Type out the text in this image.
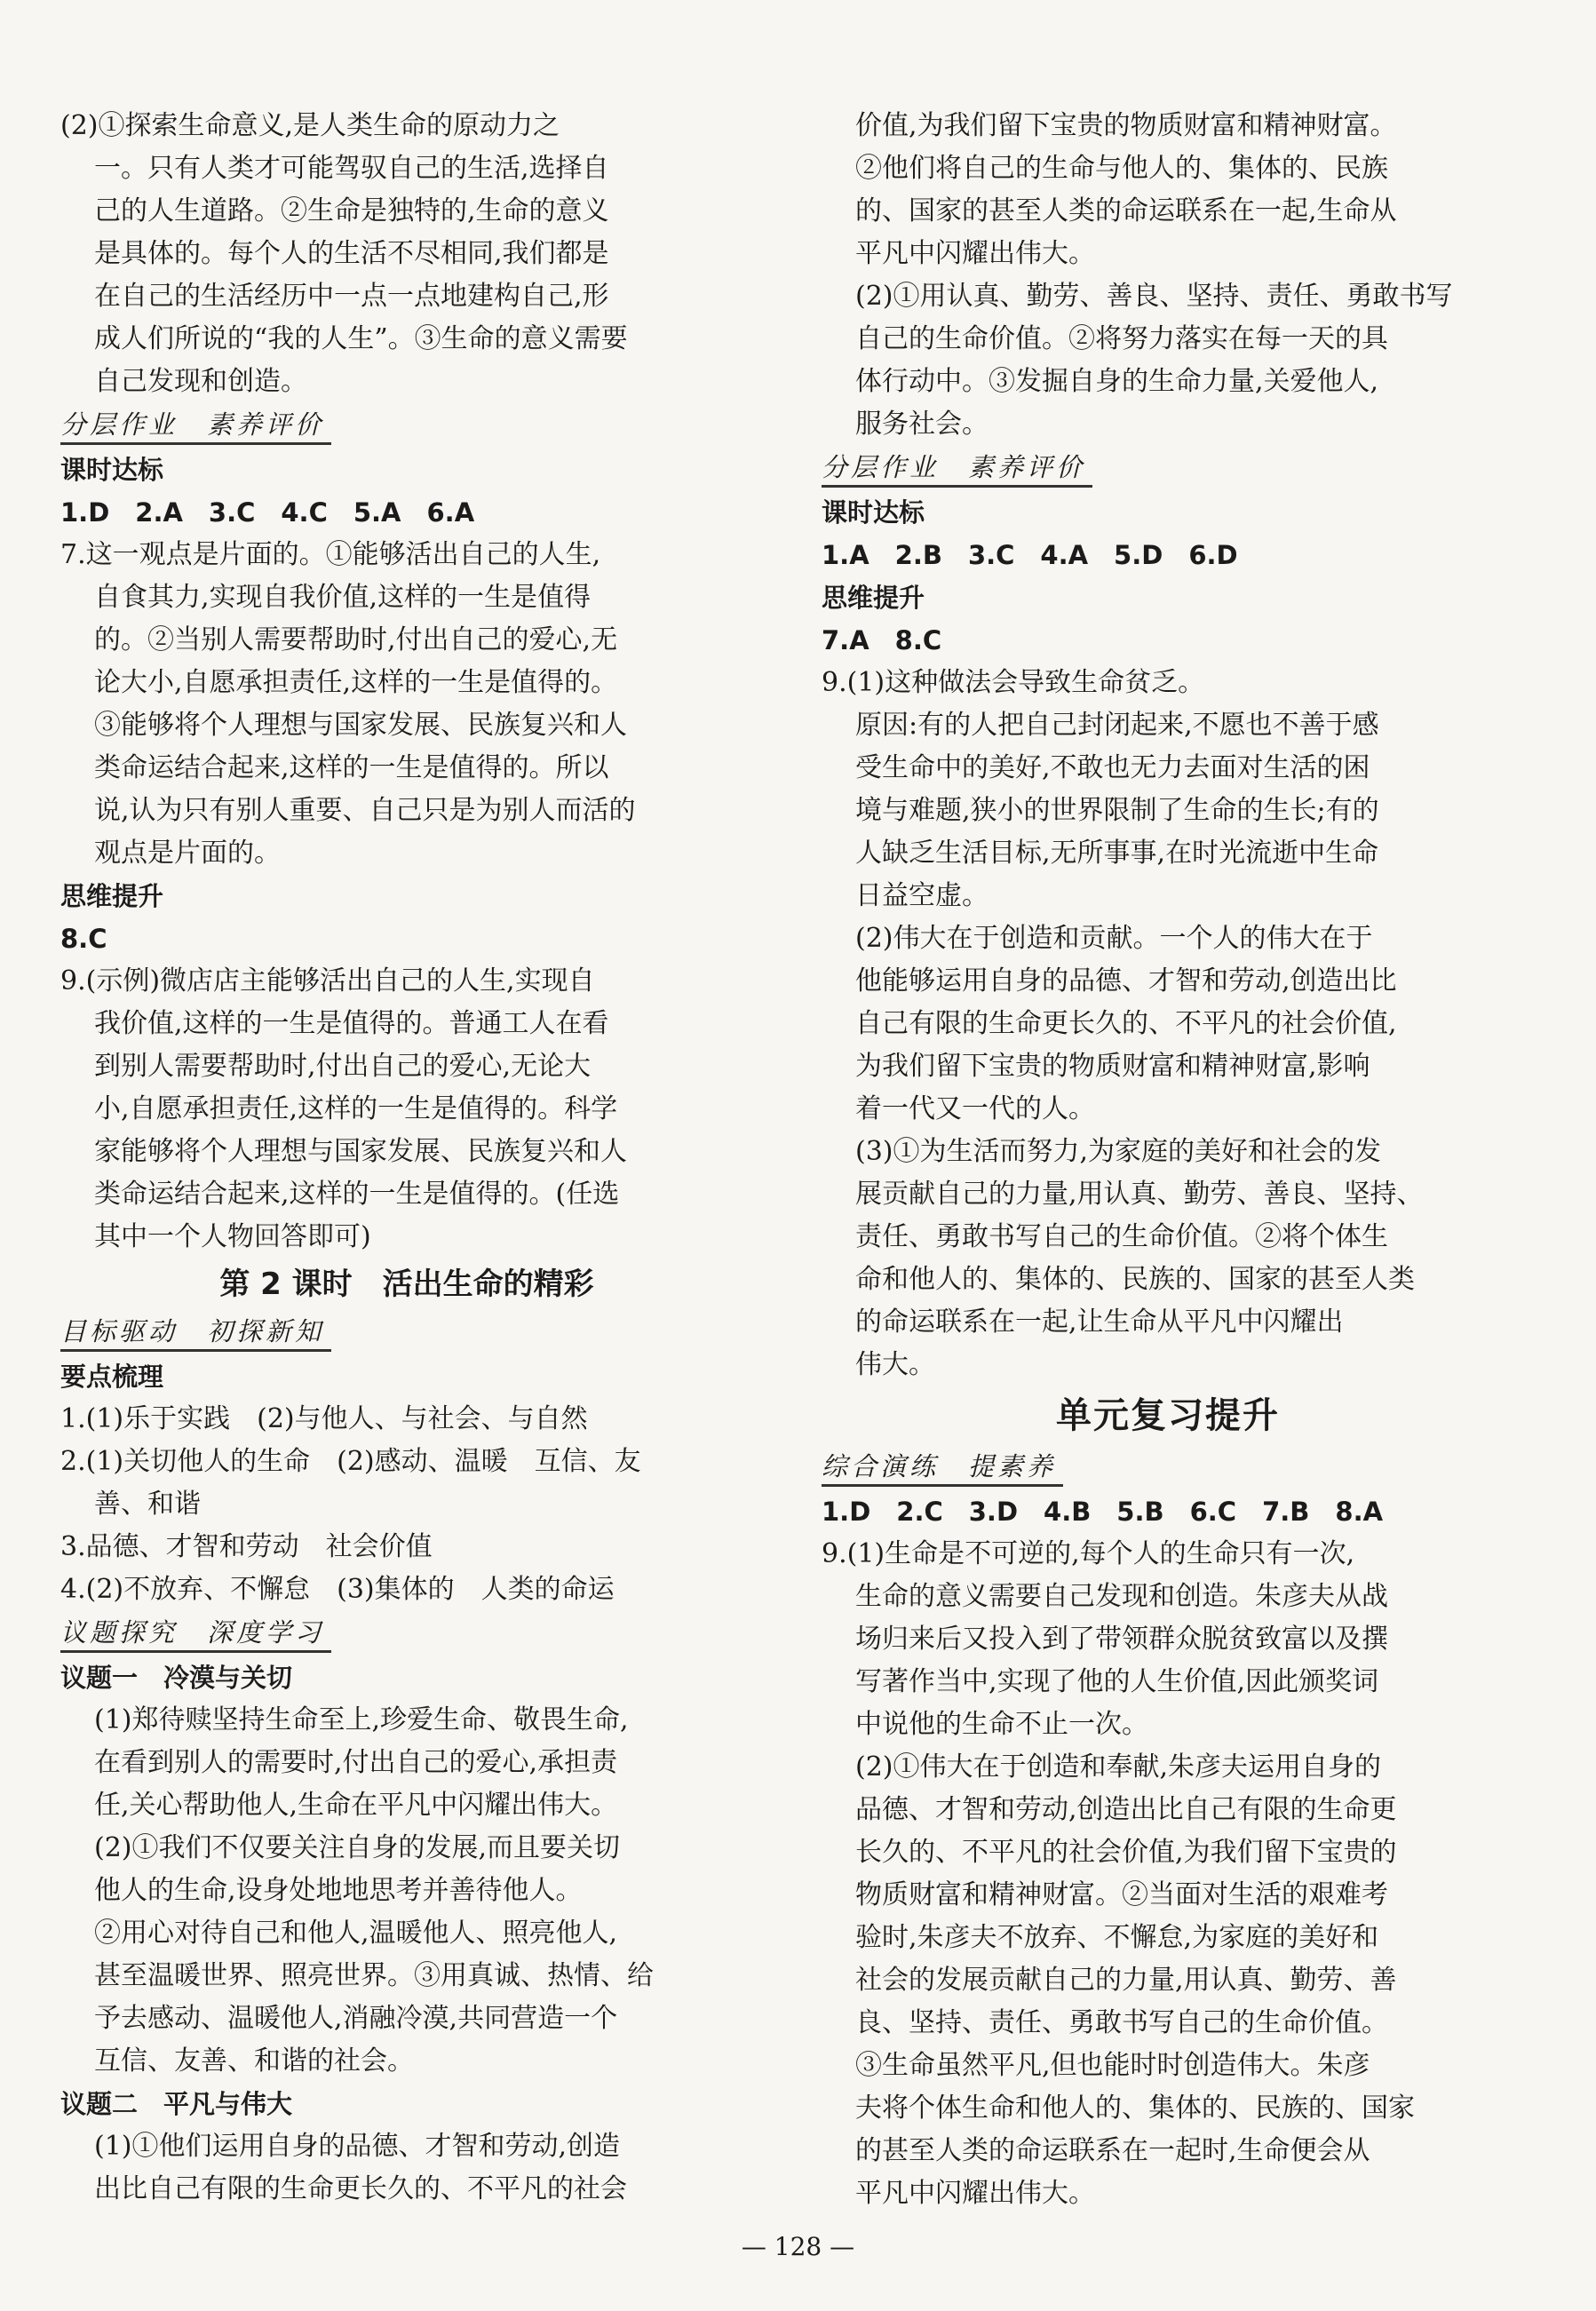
(2)①探索生命意义,是人类生命的原动力之
一。只有人类才可能驾驭自己的生活,选择自
己的人生道路。②生命是独特的,生命的意义
是具体的。每个人的生活不尽相同,我们都是
在自己的生活经历中一点一点地建构自己,形
成人们所说的“我的人生”。③生命的意义需要
自己发现和创造。
分层作业　素养评价
课时达标
1.D　2.A　3.C　4.C　5.A　6.A
7.这一观点是片面的。①能够活出自己的人生,
自食其力,实现自我价值,这样的一生是值得
的。②当别人需要帮助时,付出自己的爱心,无
论大小,自愿承担责任,这样的一生是值得的。
③能够将个人理想与国家发展、民族复兴和人
类命运结合起来,这样的一生是值得的。所以
说,认为只有别人重要、自己只是为别人而活的
观点是片面的。
思维提升
8.C
9.(示例)微店店主能够活出自己的人生,实现自
我价值,这样的一生是值得的。普通工人在看
到别人需要帮助时,付出自己的爱心,无论大
小,自愿承担责任,这样的一生是值得的。科学
家能够将个人理想与国家发展、民族复兴和人
类命运结合起来,这样的一生是值得的。(任选
其中一个人物回答即可)
第 2 课时　活出生命的精彩
目标驱动　初探新知
要点梳理
1.(1)乐于实践　(2)与他人、与社会、与自然
2.(1)关切他人的生命　(2)感动、温暖　互信、友
善、和谐
3.品德、才智和劳动　社会价值
4.(2)不放弃、不懈怠　(3)集体的　人类的命运
议题探究　深度学习
议题一　冷漠与关切
(1)郑待赎坚持生命至上,珍爱生命、敬畏生命,
在看到别人的需要时,付出自己的爱心,承担责
任,关心帮助他人,生命在平凡中闪耀出伟大。
(2)①我们不仅要关注自身的发展,而且要关切
他人的生命,设身处地地思考并善待他人。
②用心对待自己和他人,温暖他人、照亮他人,
甚至温暖世界、照亮世界。③用真诚、热情、给
予去感动、温暖他人,消融冷漠,共同营造一个
互信、友善、和谐的社会。
议题二　平凡与伟大
(1)①他们运用自身的品德、才智和劳动,创造
出比自己有限的生命更长久的、不平凡的社会
价值,为我们留下宝贵的物质财富和精神财富。
②他们将自己的生命与他人的、集体的、民族
的、国家的甚至人类的命运联系在一起,生命从
平凡中闪耀出伟大。
(2)①用认真、勤劳、善良、坚持、责任、勇敢书写
自己的生命价值。②将努力落实在每一天的具
体行动中。③发掘自身的生命力量,关爱他人,
服务社会。
分层作业　素养评价
课时达标
1.A　2.B　3.C　4.A　5.D　6.D
思维提升
7.A　8.C
9.(1)这种做法会导致生命贫乏。
原因:有的人把自己封闭起来,不愿也不善于感
受生命中的美好,不敢也无力去面对生活的困
境与难题,狭小的世界限制了生命的生长;有的
人缺乏生活目标,无所事事,在时光流逝中生命
日益空虚。
(2)伟大在于创造和贡献。一个人的伟大在于
他能够运用自身的品德、才智和劳动,创造出比
自己有限的生命更长久的、不平凡的社会价值,
为我们留下宝贵的物质财富和精神财富,影响
着一代又一代的人。
(3)①为生活而努力,为家庭的美好和社会的发
展贡献自己的力量,用认真、勤劳、善良、坚持、
责任、勇敢书写自己的生命价值。②将个体生
命和他人的、集体的、民族的、国家的甚至人类
的命运联系在一起,让生命从平凡中闪耀出
伟大。
单元复习提升
综合演练　提素养
1.D　2.C　3.D　4.B　5.B　6.C　7.B　8.A
9.(1)生命是不可逆的,每个人的生命只有一次,
生命的意义需要自己发现和创造。朱彦夫从战
场归来后又投入到了带领群众脱贫致富以及撰
写著作当中,实现了他的人生价值,因此颁奖词
中说他的生命不止一次。
(2)①伟大在于创造和奉献,朱彦夫运用自身的
品德、才智和劳动,创造出比自己有限的生命更
长久的、不平凡的社会价值,为我们留下宝贵的
物质财富和精神财富。②当面对生活的艰难考
验时,朱彦夫不放弃、不懈怠,为家庭的美好和
社会的发展贡献自己的力量,用认真、勤劳、善
良、坚持、责任、勇敢书写自己的生命价值。
③生命虽然平凡,但也能时时创造伟大。朱彦
夫将个体生命和他人的、集体的、民族的、国家
的甚至人类的命运联系在一起时,生命便会从
平凡中闪耀出伟大。
— 128 —
